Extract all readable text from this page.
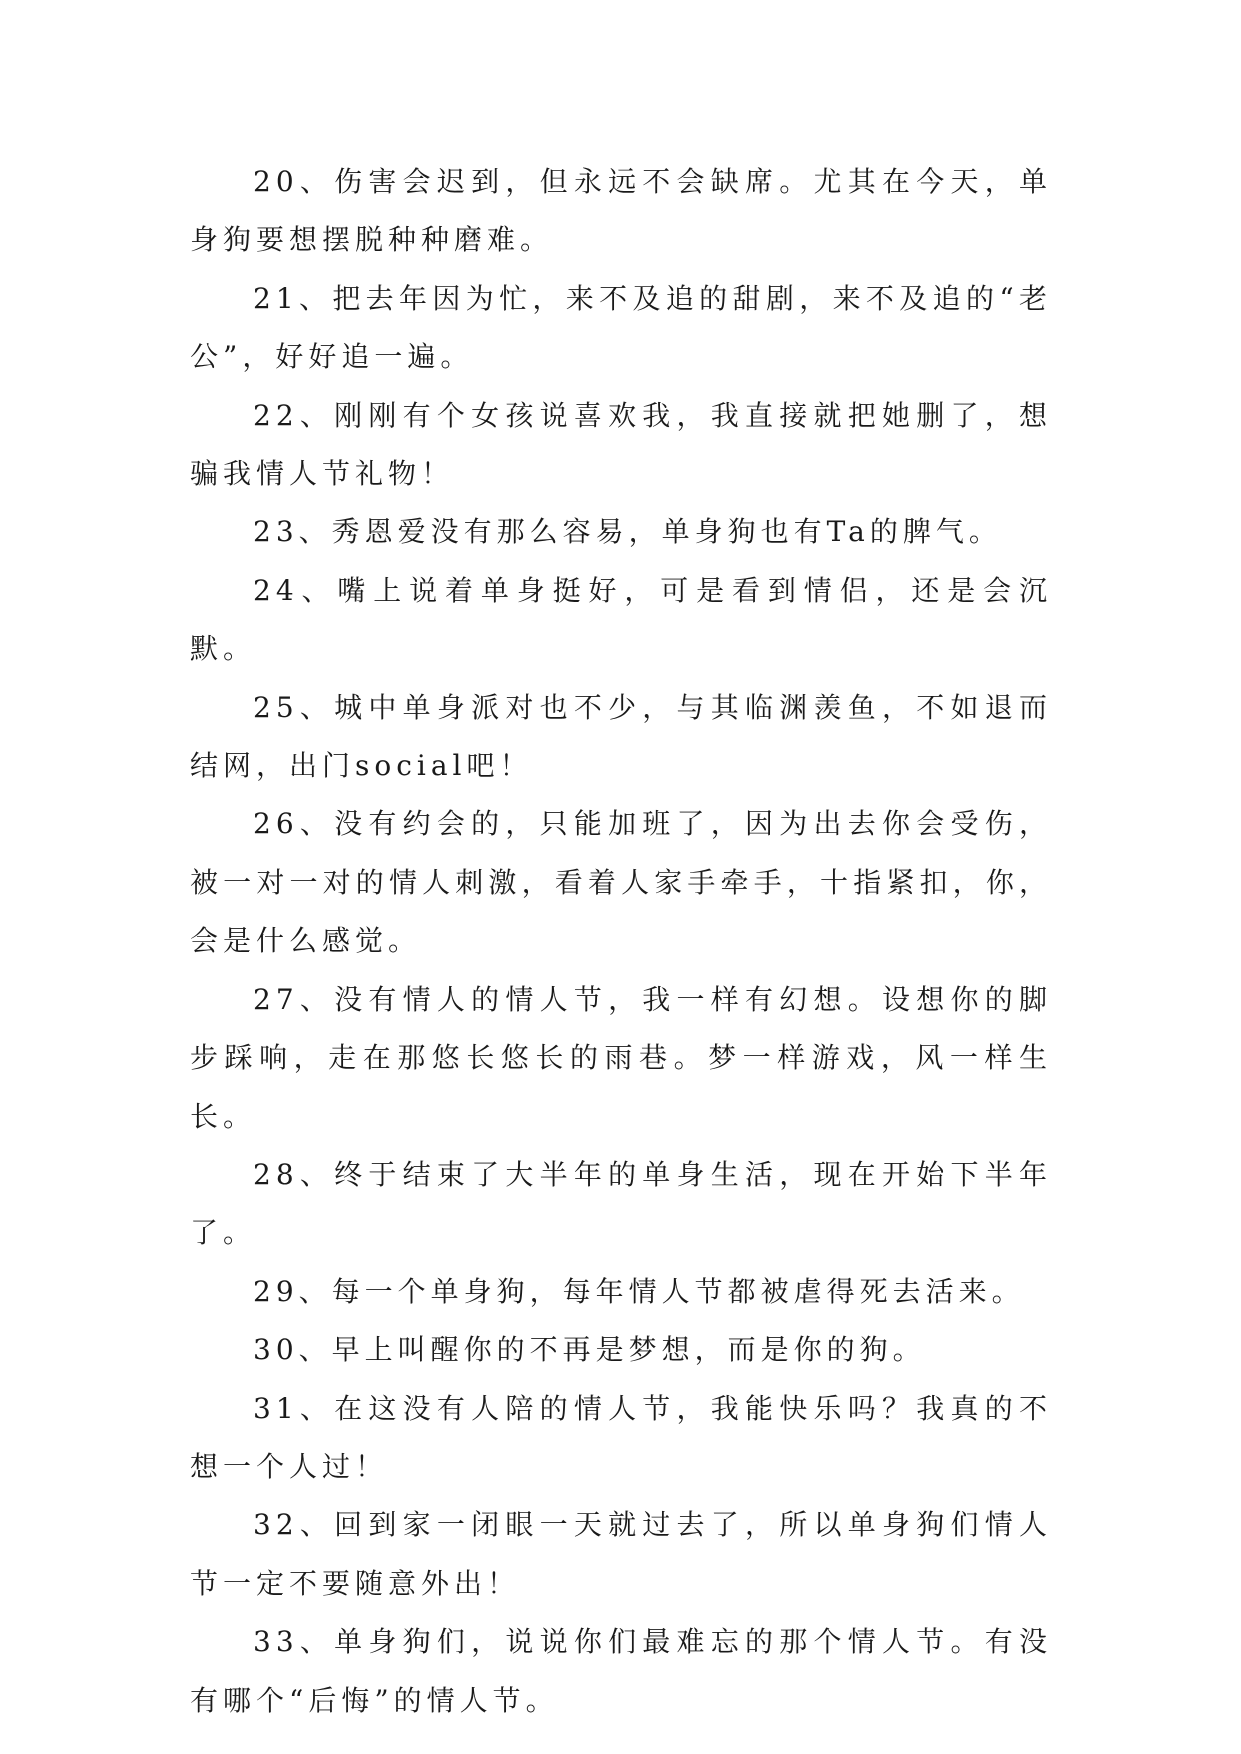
20、伤害会迟到，但永远不会缺席。尤其在今天，单身狗要想摆脱种种磨难。

21、把去年因为忙，来不及追的甜剧，来不及追的“老公”，好好追一遍。

22、刚刚有个女孩说喜欢我，我直接就把她删了，想骗我情人节礼物！

23、秀恩爱没有那么容易，单身狗也有Ta的脾气。

24、嘴上说着单身挺好，可是看到情侣，还是会沉默。

25、城中单身派对也不少，与其临渊羡鱼，不如退而结网，出门social吧！

26、没有约会的，只能加班了，因为出去你会受伤，被一对一对的情人刺激，看着人家手牵手，十指紧扣，你，会是什么感觉。

27、没有情人的情人节，我一样有幻想。设想你的脚步踩响，走在那悠长悠长的雨巷。梦一样游戏，风一样生长。

28、终于结束了大半年的单身生活，现在开始下半年了。

29、每一个单身狗，每年情人节都被虐得死去活来。

30、早上叫醒你的不再是梦想，而是你的狗。

31、在这没有人陪的情人节，我能快乐吗？我真的不想一个人过！

32、回到家一闭眼一天就过去了，所以单身狗们情人节一定不要随意外出！

33、单身狗们，说说你们最难忘的那个情人节。有没有哪个“后悔”的情人节。
